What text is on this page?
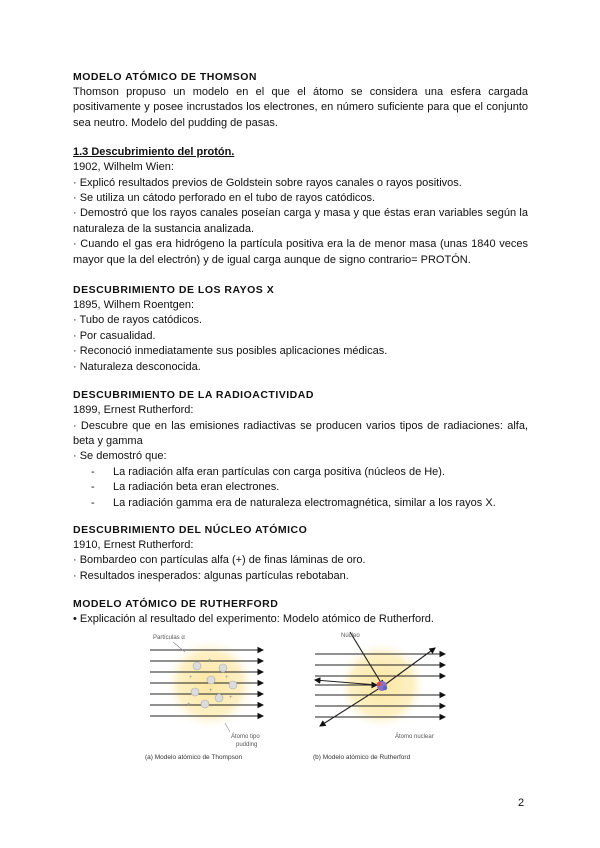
MODELO ATÓMICO DE THOMSON

Thomson propuso un modelo en el que el átomo se considera una esfera cargada positivamente y posee incrustados los electrones, en número suficiente para que el conjunto sea neutro. Modelo del pudding de pasas.

1.3 Descubrimiento del protón.

1902, Wilhelm Wien:

· Explicó resultados previos de Goldstein sobre rayos canales o rayos positivos.

· Se utiliza un cátodo perforado en el tubo de rayos catódicos.

· Demostró que los rayos canales poseían carga y masa y que éstas eran variables según la naturaleza de la sustancia analizada.

· Cuando el gas era hidrógeno la partícula positiva era la de menor masa (unas 1840 veces mayor que la del electrón) y de igual carga aunque de signo contrario= PROTÓN.

DESCUBRIMIENTO DE LOS RAYOS X

1895, Wilhem Roentgen:

· Tubo de rayos catódicos.

· Por casualidad.

· Reconoció inmediatamente sus posibles aplicaciones médicas.

· Naturaleza desconocida.

DESCUBRIMIENTO DE LA RADIOACTIVIDAD

1899, Ernest Rutherford:

· Descubre que en las emisiones radiactivas se producen varios tipos de radiaciones: alfa, beta y gamma

· Se demostró que:

- La radiación alfa eran partículas con carga positiva (núcleos de He).
- La radiación beta eran electrones.
- La radiación gamma era de naturaleza electromagnética, similar a los rayos X.

DESCUBRIMIENTO DEL NÚCLEO ATÓMICO

1910, Ernest Rutherford:

· Bombardeo con partículas alfa (+) de finas láminas de oro.

· Resultados inesperados: algunas partículas rebotaban.

MODELO ATÓMICO DE RUTHERFORD

• Explicación al resultado del experimento: Modelo atómico de Rutherford.

+
+	+
+
+
+
Partículas α
Átomo tipo
pudding
(a) Modelo atómico de Thompson
Núcleo
Átomo nuclear
(b) Modelo atómico de Rutherford
2
